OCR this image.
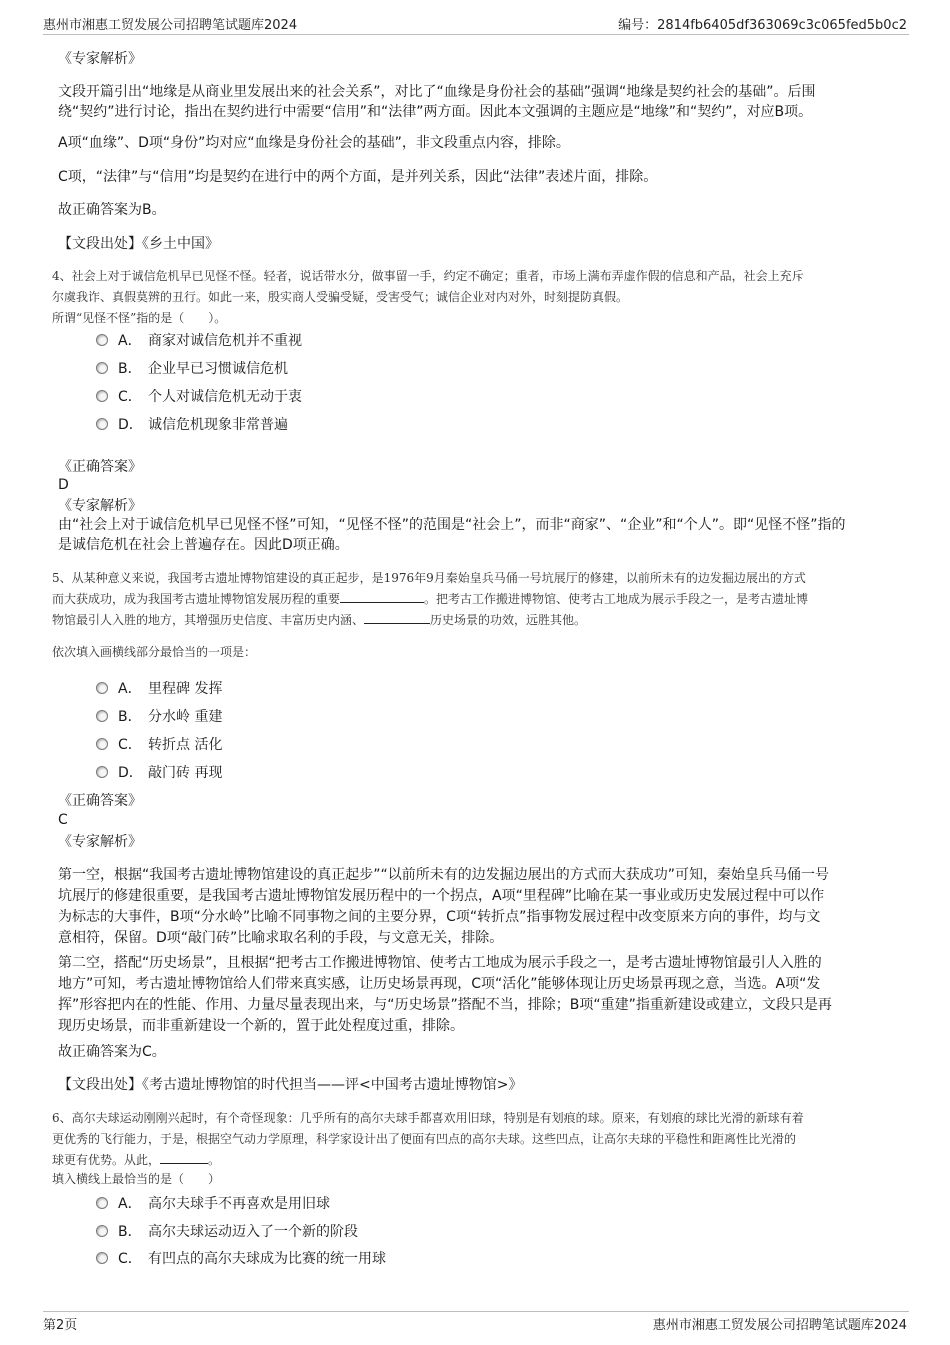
惠州市湘惠工贸发展公司招聘笔试题库2024	编号：2814fb6405df363069c3c065fed5b0c2
《专家解析》
文段开篇引出“地缘是从商业里发展出来的社会关系”，对比了“血缘是身份社会的基础”强调“地缘是契约社会的基础”。后围
绕“契约”进行讨论，指出在契约进行中需要“信用”和“法律”两方面。因此本文强调的主题应是“地缘”和“契约”，对应B项。
A项“血缘”、D项“身份”均对应“血缘是身份社会的基础”，非文段重点内容，排除。
C项，“法律”与“信用”均是契约在进行中的两个方面，是并列关系，因此“法律”表述片面，排除。
故正确答案为B。
【文段出处】《乡土中国》
4、社会上对于诚信危机早已见怪不怪。轻者，说话带水分，做事留一手，约定不确定；重者，市场上满布弄虚作假的信息和产品，社会上充斥
尔虞我诈、真假莫辨的丑行。如此一来，殷实商人受骗受疑，受害受气；诚信企业对内对外，时刻提防真假。
所谓“见怪不怪”指的是（　　）。
A． 商家对诚信危机并不重视
B． 企业早已习惯诚信危机
C． 个人对诚信危机无动于衷
D． 诚信危机现象非常普遍
《正确答案》
D
《专家解析》
由“社会上对于诚信危机早已见怪不怪”可知，“见怪不怪”的范围是“社会上”，而非“商家”、“企业”和“个人”。即“见怪不怪”指的
是诚信危机在社会上普遍存在。因此D项正确。
5、从某种意义来说，我国考古遗址博物馆建设的真正起步，是1976年9月秦始皇兵马俑一号坑展厅的修建，以前所未有的边发掘边展出的方式
而大获成功，成为我国考古遗址博物馆发展历程的重要	。把考古工作搬进博物馆、使考古工地成为展示手段之一，是考古遗址博
物馆最引人入胜的地方，其增强历史信度、丰富历史内涵、	历史场景的功效，远胜其他。
依次填入画横线部分最恰当的一项是：
A． 里程碑 发挥
B． 分水岭 重建
C． 转折点 活化
D． 敲门砖 再现
《正确答案》
C
《专家解析》
第一空，根据“我国考古遗址博物馆建设的真正起步”“以前所未有的边发掘边展出的方式而大获成功”可知，秦始皇兵马俑一号
坑展厅的修建很重要，是我国考古遗址博物馆发展历程中的一个拐点，A项“里程碑”比喻在某一事业或历史发展过程中可以作
为标志的大事件，B项“分水岭”比喻不同事物之间的主要分界，C项“转折点”指事物发展过程中改变原来方向的事件，均与文
意相符，保留。D项“敲门砖”比喻求取名利的手段，与文意无关，排除。
第二空，搭配“历史场景”，且根据“把考古工作搬进博物馆、使考古工地成为展示手段之一，是考古遗址博物馆最引人入胜的
地方”可知，考古遗址博物馆给人们带来真实感，让历史场景再现，C项“活化”能够体现让历史场景再现之意，当选。A项“发
挥”形容把内在的性能、作用、力量尽量表现出来，与“历史场景”搭配不当，排除；B项“重建”指重新建设或建立，文段只是再
现历史场景，而非重新建设一个新的，置于此处程度过重，排除。
故正确答案为C。
【文段出处】《考古遗址博物馆的时代担当——评<中国考古遗址博物馆>》
6、高尔夫球运动刚刚兴起时，有个奇怪现象：几乎所有的高尔夫球手都喜欢用旧球，特别是有划痕的球。原来，有划痕的球比光滑的新球有着
更优秀的飞行能力，于是，根据空气动力学原理，科学家设计出了便面有凹点的高尔夫球。这些凹点，让高尔夫球的平稳性和距离性比光滑的
球更有优势。从此，	。
填入横线上最恰当的是（　　）
A． 高尔夫球手不再喜欢是用旧球
B． 高尔夫球运动迈入了一个新的阶段
C． 有凹点的高尔夫球成为比赛的统一用球
第2页	惠州市湘惠工贸发展公司招聘笔试题库2024
